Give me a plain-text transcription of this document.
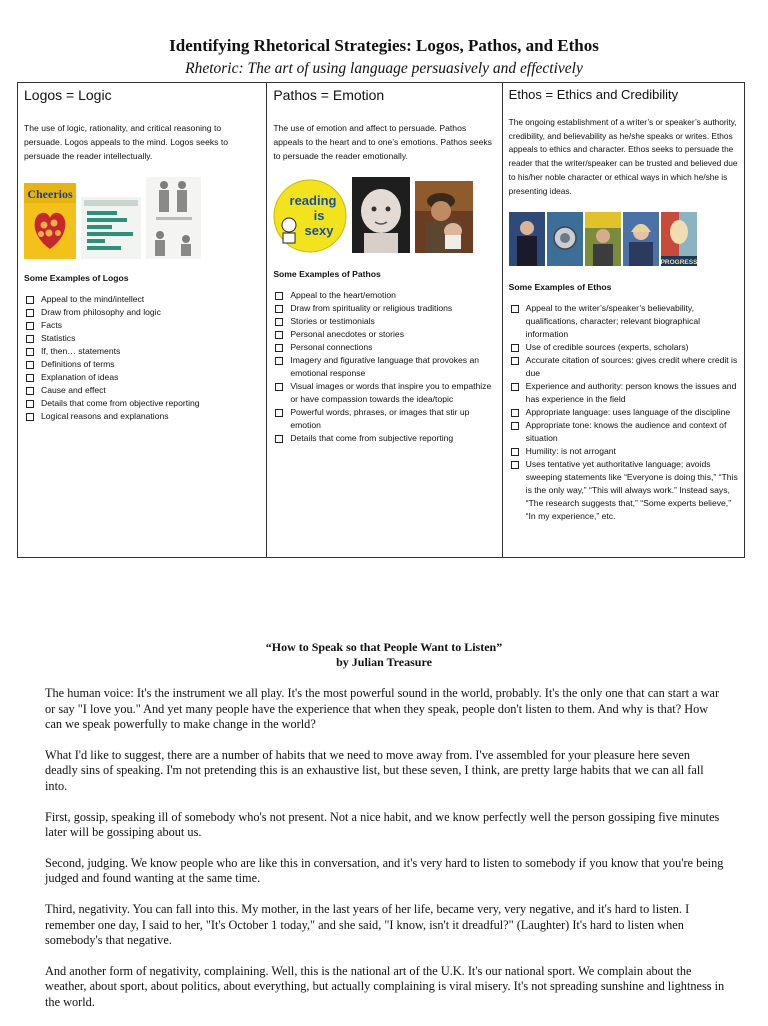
Identifying Rhetorical Strategies: Logos, Pathos, and Ethos
Rhetoric: The art of using language persuasively and effectively
Logos = Logic

The use of logic, rationality, and critical reasoning to persuade. Logos appeals to the mind. Logos seeks to persuade the reader intellectually.

Cheerios
Some Examples of Logos
Appeal to the mind/intellect
Draw from philosophy and logic
Facts
Statistics
If, then… statements
Definitions of terms
Explanation of ideas
Cause and effect
Details that come from objective reporting
Logical reasons and explanations
Pathos = Emotion

The use of emotion and affect to persuade. Pathos appeals to the heart and to one’s emotions. Pathos seeks to persuade the reader emotionally.

reading
is
sexy
Some Examples of Pathos
Appeal to the heart/emotion
Draw from spirituality or religious traditions
Stories or testimonials
Personal anecdotes or stories
Personal connections
Imagery and figurative language that provokes an emotional response
Visual images or words that inspire you to empathize or have compassion towards the idea/topic
Powerful words, phrases, or images that stir up emotion
Details that come from subjective reporting
Ethos = Ethics and Credibility

The ongoing establishment of a writer’s or speaker’s authority, credibility, and believability as he/she speaks or writes. Ethos appeals to ethics and character. Ethos seeks to persuade the reader that the writer/speaker can be trusted and believed due to his/her noble character or ethical ways in which he/she is presenting ideas.

PROGRESS
Some Examples of Ethos
Appeal to the writer’s/speaker’s believability, qualifications, character; relevant biographical information
Use of credible sources (experts, scholars)
Accurate citation of sources: gives credit where credit is due
Experience and authority: person knows the issues and has experience in the field
Appropriate language: uses language of the discipline
Appropriate tone: knows the audience and context of situation
Humility: is not arrogant
Uses tentative yet authoritative language; avoids sweeping statements like “Everyone is doing this,” “This is the only way,” “This will always work.” Instead says, “The research suggests that,” “Some experts believe,” “In my experience,” etc.
“How to Speak so that People Want to Listen”
by Julian Treasure

The human voice: It's the instrument we all play. It's the most powerful sound in the world, probably. It's the only one that can start a war or say "I love you." And yet many people have the experience that when they speak, people don't listen to them. And why is that? How can we speak powerfully to make change in the world?

What I'd like to suggest, there are a number of habits that we need to move away from. I've assembled for your pleasure here seven deadly sins of speaking. I'm not pretending this is an exhaustive list, but these seven, I think, are pretty large habits that we can all fall into.

First, gossip, speaking ill of somebody who's not present. Not a nice habit, and we know perfectly well the person gossiping five minutes later will be gossiping about us.

Second, judging. We know people who are like this in conversation, and it's very hard to listen to somebody if you know that you're being judged and found wanting at the same time.

Third, negativity. You can fall into this. My mother, in the last years of her life, became very, very negative, and it's hard to listen. I remember one day, I said to her, "It's October 1 today," and she said, "I know, isn't it dreadful?" (Laughter) It's hard to listen when somebody's that negative.

And another form of negativity, complaining. Well, this is the national art of the U.K. It's our national sport. We complain about the weather, about sport, about politics, about everything, but actually complaining is viral misery. It's not spreading sunshine and lightness in the world.
